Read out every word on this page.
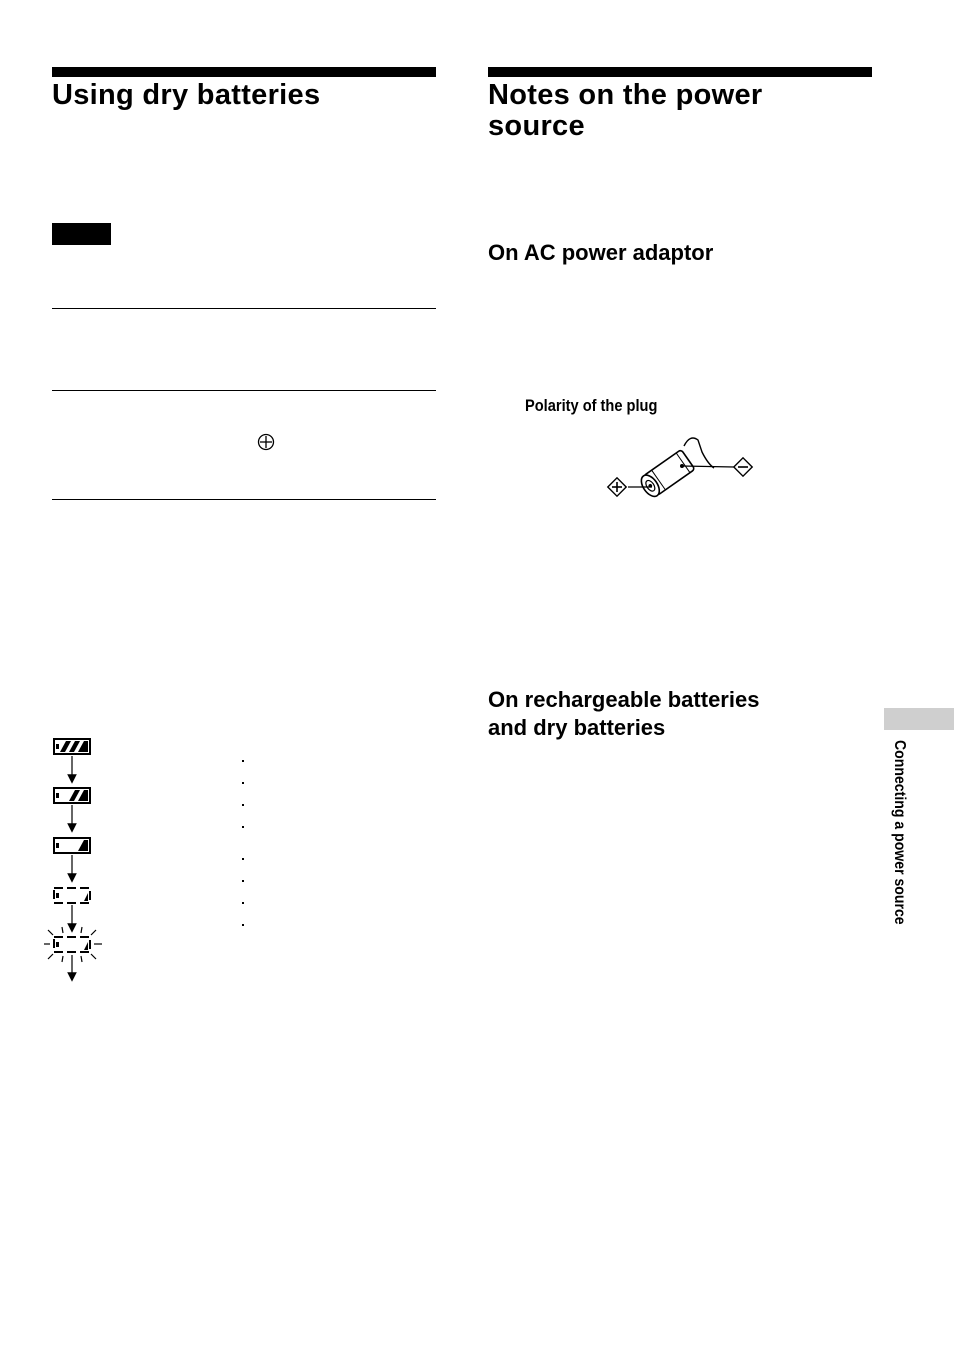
Using dry batteries	Notes on the power
source
On AC power adaptor
Polarity of the plug
On rechargeable batteries
and dry batteries
Connecting a power source
